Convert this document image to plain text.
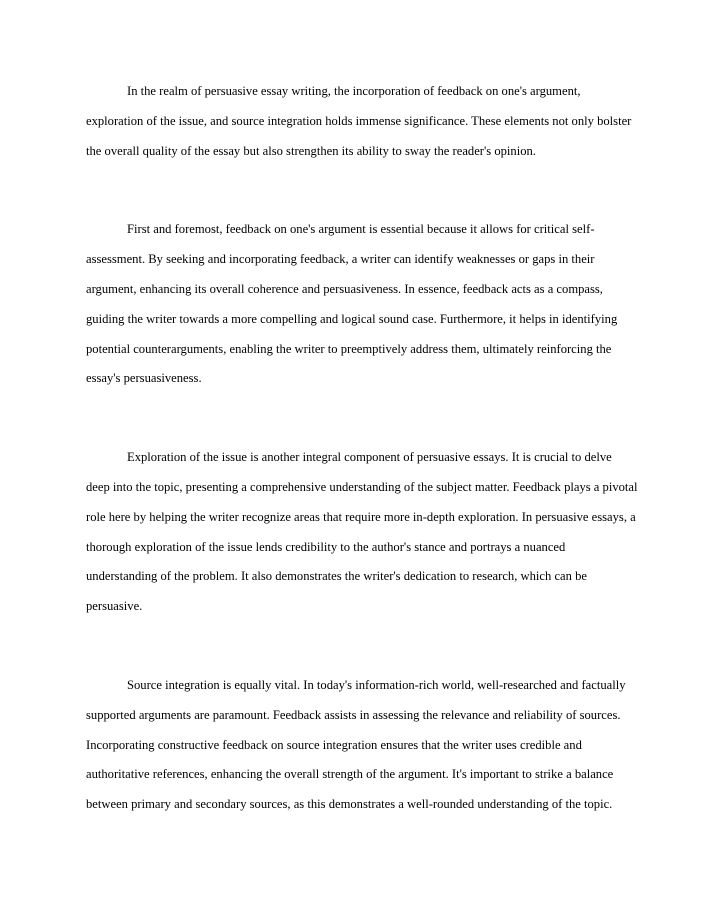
In the realm of persuasive essay writing, the incorporation of feedback on one's argument, exploration of the issue, and source integration holds immense significance. These elements not only bolster the overall quality of the essay but also strengthen its ability to sway the reader's opinion.

First and foremost, feedback on one's argument is essential because it allows for critical self-assessment. By seeking and incorporating feedback, a writer can identify weaknesses or gaps in their argument, enhancing its overall coherence and persuasiveness. In essence, feedback acts as a compass, guiding the writer towards a more compelling and logical sound case. Furthermore, it helps in identifying potential counterarguments, enabling the writer to preemptively address them, ultimately reinforcing the essay's persuasiveness.

Exploration of the issue is another integral component of persuasive essays. It is crucial to delve deep into the topic, presenting a comprehensive understanding of the subject matter. Feedback plays a pivotal role here by helping the writer recognize areas that require more in-depth exploration. In persuasive essays, a thorough exploration of the issue lends credibility to the author's stance and portrays a nuanced understanding of the problem. It also demonstrates the writer's dedication to research, which can be persuasive.

Source integration is equally vital. In today's information-rich world, well-researched and factually supported arguments are paramount. Feedback assists in assessing the relevance and reliability of sources. Incorporating constructive feedback on source integration ensures that the writer uses credible and authoritative references, enhancing the overall strength of the argument. It's important to strike a balance between primary and secondary sources, as this demonstrates a well-rounded understanding of the topic.
